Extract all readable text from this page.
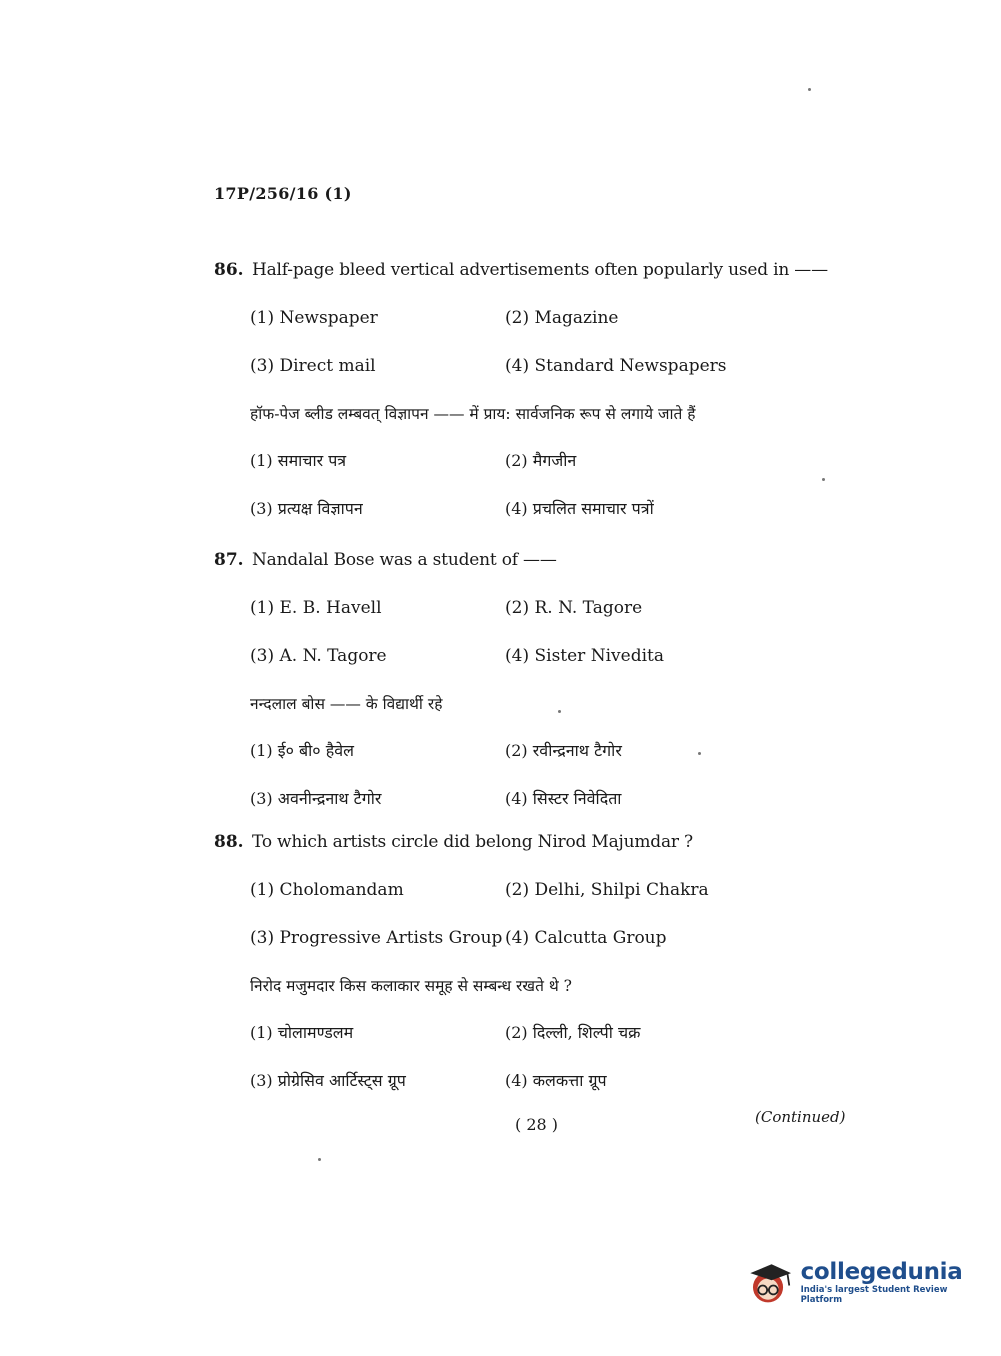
17P/256/16 (1)
86. Half-page bleed vertical advertisements often popularly used in ——
(1) Newspaper	(2) Magazine
(3) Direct mail	(4) Standard Newspapers
हॉफ-पेज ब्लीड लम्बवत् विज्ञापन —— में प्राय: सार्वजनिक रूप से लगाये जाते हैं
(1) समाचार पत्र	(2) मैगजीन
(3) प्रत्यक्ष विज्ञापन	(4) प्रचलित समाचार पत्रों
87. Nandalal Bose was a student of ——
(1) E. B. Havell	(2) R. N. Tagore
(3) A. N. Tagore	(4) Sister Nivedita
नन्दलाल बोस —— के विद्यार्थी रहे
(1) ई० बी० हैवेल	(2) रवीन्द्रनाथ टैगोर
(3) अवनीन्द्रनाथ टैगोर	(4) सिस्टर निवेदिता
88. To which artists circle did belong Nirod Majumdar ?
(1) Cholomandam	(2) Delhi, Shilpi Chakra
(3) Progressive Artists Group (4) Calcutta Group
निरोद मजुमदार किस कलाकार समूह से सम्बन्ध रखते थे ?
(1) चोलामण्डलम	(2) दिल्ली, शिल्पी चक्र
(3) प्रोग्रेसिव आर्टिस्ट्स ग्रूप	(4) कलकत्ता ग्रूप
( 28 )	(Continued)
collegedunia
India's largest Student Review Platform
